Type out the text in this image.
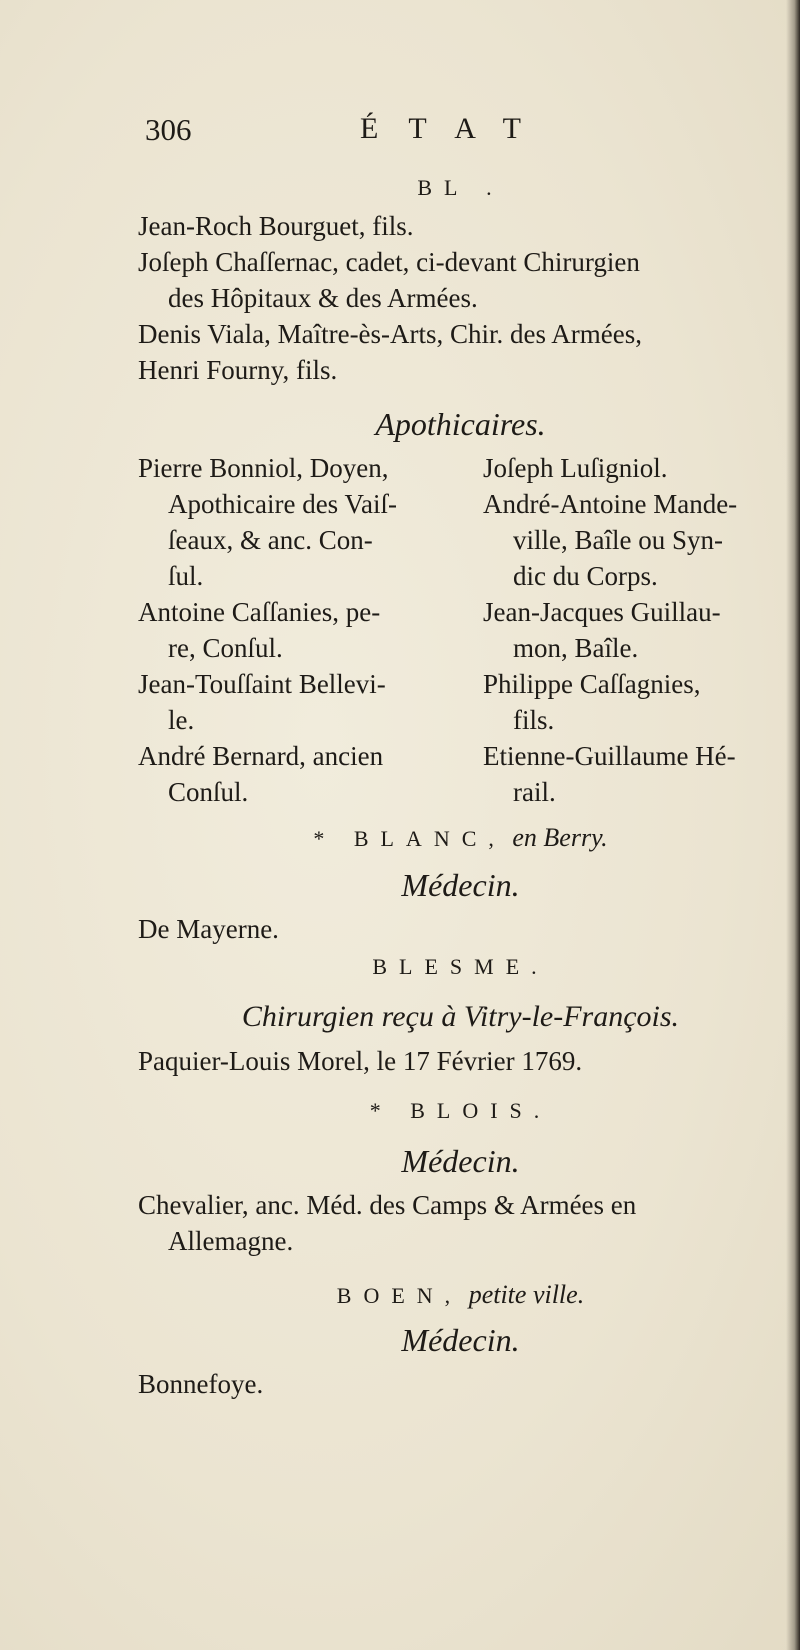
306	ÉTAT
BL .
Jean-Roch Bourguet, fils.
Joſeph Chaſſernac, cadet, ci-devant Chirurgien
des Hôpitaux & des Armées.
Denis Viala, Maître-ès-Arts, Chir. des Armées,
Henri Fourny, fils.
Apothicaires.
Pierre Bonniol, Doyen,
Apothicaire des Vaiſ-
ſeaux, & anc. Con-
ſul.
Antoine Caſſanies, pe-
re, Conſul.
Jean-Touſſaint Bellevi-
le.
André Bernard, ancien
Conſul.
Joſeph Luſigniol.
André-Antoine Mande-
ville, Baîle ou Syn-
dic du Corps.
Jean-Jacques Guillau-
mon, Baîle.
Philippe Caſſagnies,
fils.
Etienne-Guillaume Hé-
rail.
* BLANC, en Berry.
Médecin.
De Mayerne.
BLESME.
Chirurgien reçu à Vitry-le-François.
Paquier-Louis Morel, le 17 Février 1769.
* BLOIS.
Médecin.
Chevalier, anc. Méd. des Camps & Armées en
Allemagne.
BOEN, petite ville.
Médecin.
Bonnefoye.
